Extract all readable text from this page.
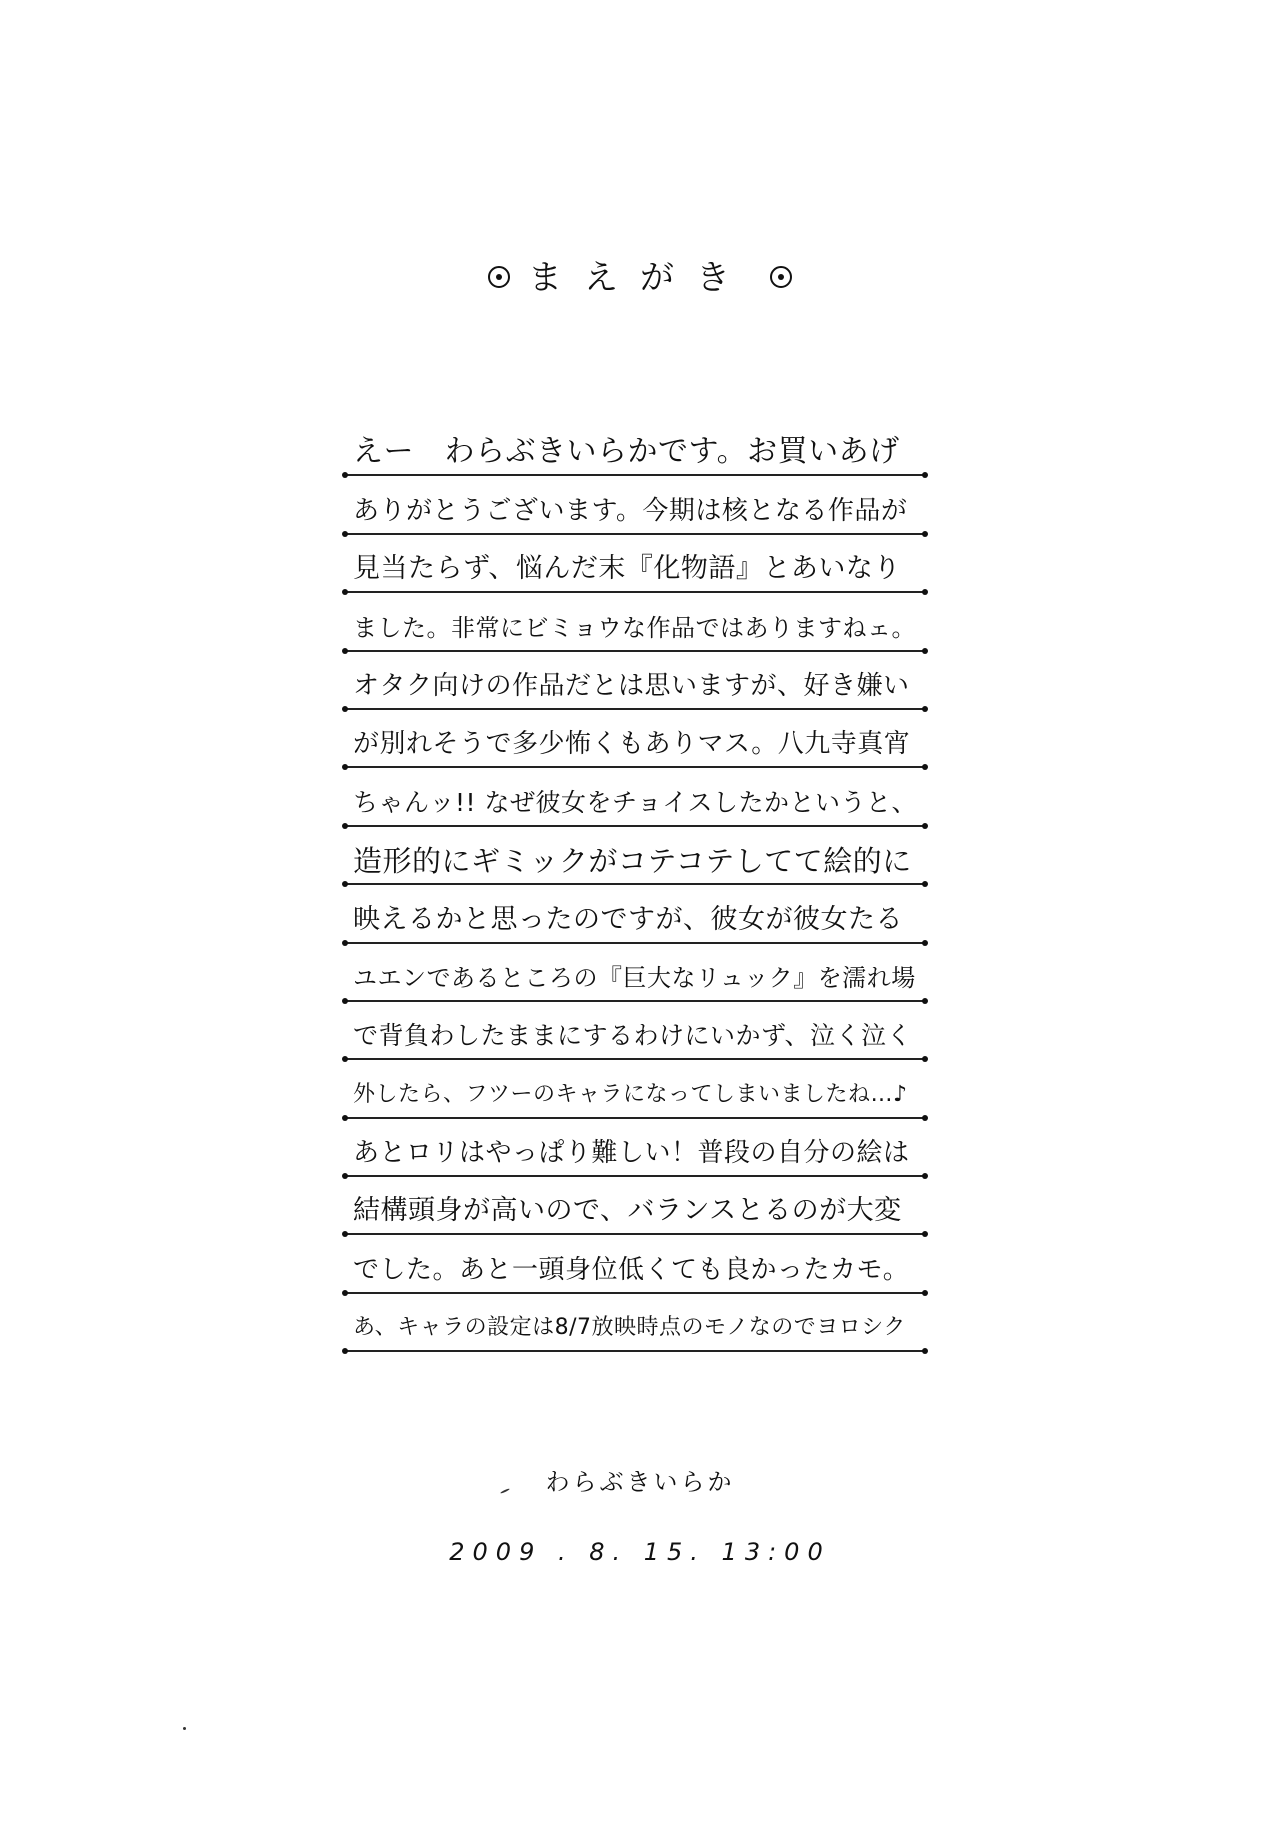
まえがき
えー　わらぶきいらかです。お買いあげ
ありがとうございます。今期は核となる作品が
見当たらず、悩んだ末『化物語』とあいなり
ました。非常にビミョウな作品ではありますねェ。
オタク向けの作品だとは思いますが、好き嫌い
が別れそうで多少怖くもありマス。八九寺真宵
ちゃんッ!! なぜ彼女をチョイスしたかというと、
造形的にギミックがコテコテしてて絵的に
映えるかと思ったのですが、彼女が彼女たる
ユエンであるところの『巨大なリュック』を濡れ場
で背負わしたままにするわけにいかず、泣く泣く
外したら、フツーのキャラになってしまいましたね…♪
あとロリはやっぱり難しい！普段の自分の絵は
結構頭身が高いので、バランスとるのが大変
でした。あと一頭身位低くても良かったカモ。
あ、キャラの設定は8/7放映時点のモノなのでヨロシク
わらぶきいらか
2009 . 8. 15. 13:00
